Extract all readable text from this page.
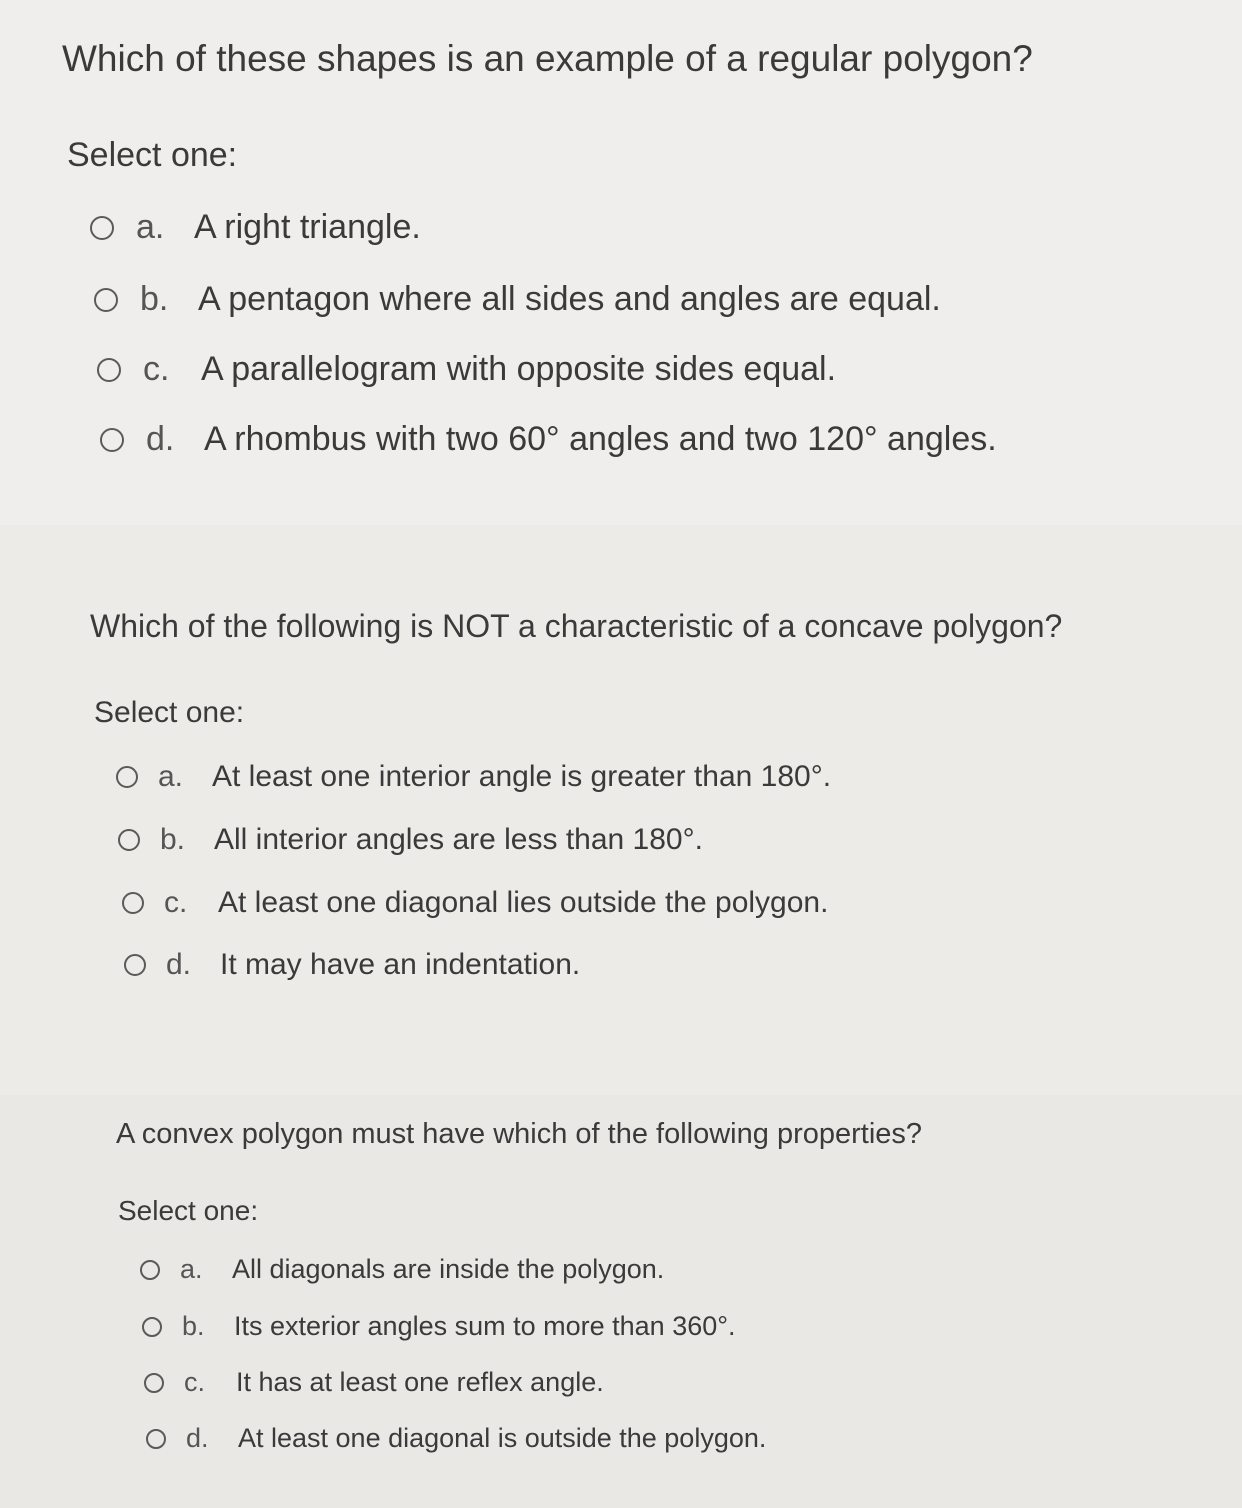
Which of these shapes is an example of a regular polygon?
Select one:
a. A right triangle.
b. A pentagon where all sides and angles are equal.
c. A parallelogram with opposite sides equal.
d. A rhombus with two 60° angles and two 120° angles.
Which of the following is NOT a characteristic of a concave polygon?
Select one:
a. At least one interior angle is greater than 180°.
b. All interior angles are less than 180°.
c.	At least one diagonal lies outside the polygon.
d. It may have an indentation.
A convex polygon must have which of the following properties?
Select one:
a.	All diagonals are inside the polygon.
b.	Its exterior angles sum to more than 360°.
c.	It has at least one reflex angle.
d.	At least one diagonal is outside the polygon.
